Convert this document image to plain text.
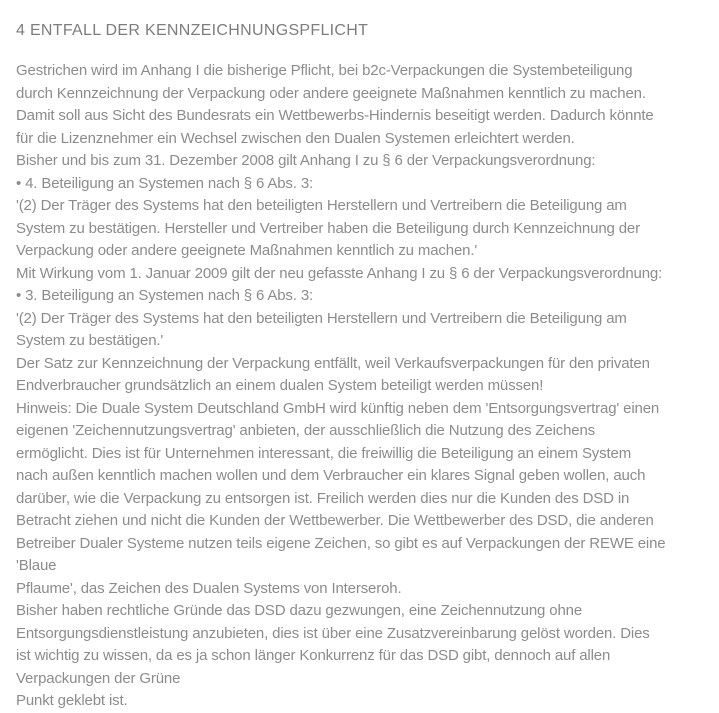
4 ENTFALL DER KENNZEICHNUNGSPFLICHT
Gestrichen wird im Anhang I die bisherige Pflicht, bei b2c-Verpackungen die Systembeteiligung
durch Kennzeichnung der Verpackung oder andere geeignete Maßnahmen kenntlich zu machen.
Damit soll aus Sicht des Bundesrats ein Wettbewerbs-Hindernis beseitigt werden. Dadurch könnte
für die Lizenznehmer ein Wechsel zwischen den Dualen Systemen erleichtert werden.
Bisher und bis zum 31. Dezember 2008 gilt Anhang I zu § 6 der Verpackungsverordnung:
• 4. Beteiligung an Systemen nach § 6 Abs. 3:
'(2) Der Träger des Systems hat den beteiligten Herstellern und Vertreibern die Beteiligung am
System zu bestätigen. Hersteller und Vertreiber haben die Beteiligung durch Kennzeichnung der
Verpackung oder andere geeignete Maßnahmen kenntlich zu machen.'
Mit Wirkung vom 1. Januar 2009 gilt der neu gefasste Anhang I zu § 6 der Verpackungsverordnung:
• 3. Beteiligung an Systemen nach § 6 Abs. 3:
'(2) Der Träger des Systems hat den beteiligten Herstellern und Vertreibern die Beteiligung am
System zu bestätigen.'
Der Satz zur Kennzeichnung der Verpackung entfällt, weil Verkaufsverpackungen für den privaten
Endverbraucher grundsätzlich an einem dualen System beteiligt werden müssen!
Hinweis: Die Duale System Deutschland GmbH wird künftig neben dem 'Entsorgungsvertrag' einen
eigenen 'Zeichennutzungsvertrag' anbieten, der ausschließlich die Nutzung des Zeichens
ermöglicht. Dies ist für Unternehmen interessant, die freiwillig die Beteiligung an einem System
nach außen kenntlich machen wollen und dem Verbraucher ein klares Signal geben wollen, auch
darüber, wie die Verpackung zu entsorgen ist. Freilich werden dies nur die Kunden des DSD in
Betracht ziehen und nicht die Kunden der Wettbewerber. Die Wettbewerber des DSD, die anderen
Betreiber Dualer Systeme nutzen teils eigene Zeichen, so gibt es auf Verpackungen der REWE eine
'Blaue
Pflaume', das Zeichen des Dualen Systems von Interseroh.
Bisher haben rechtliche Gründe das DSD dazu gezwungen, eine Zeichennutzung ohne
Entsorgungsdienstleistung anzubieten, dies ist über eine Zusatzvereinbarung gelöst worden. Dies
ist wichtig zu wissen, da es ja schon länger Konkurrenz für das DSD gibt, dennoch auf allen
Verpackungen der Grüne
Punkt geklebt ist.
